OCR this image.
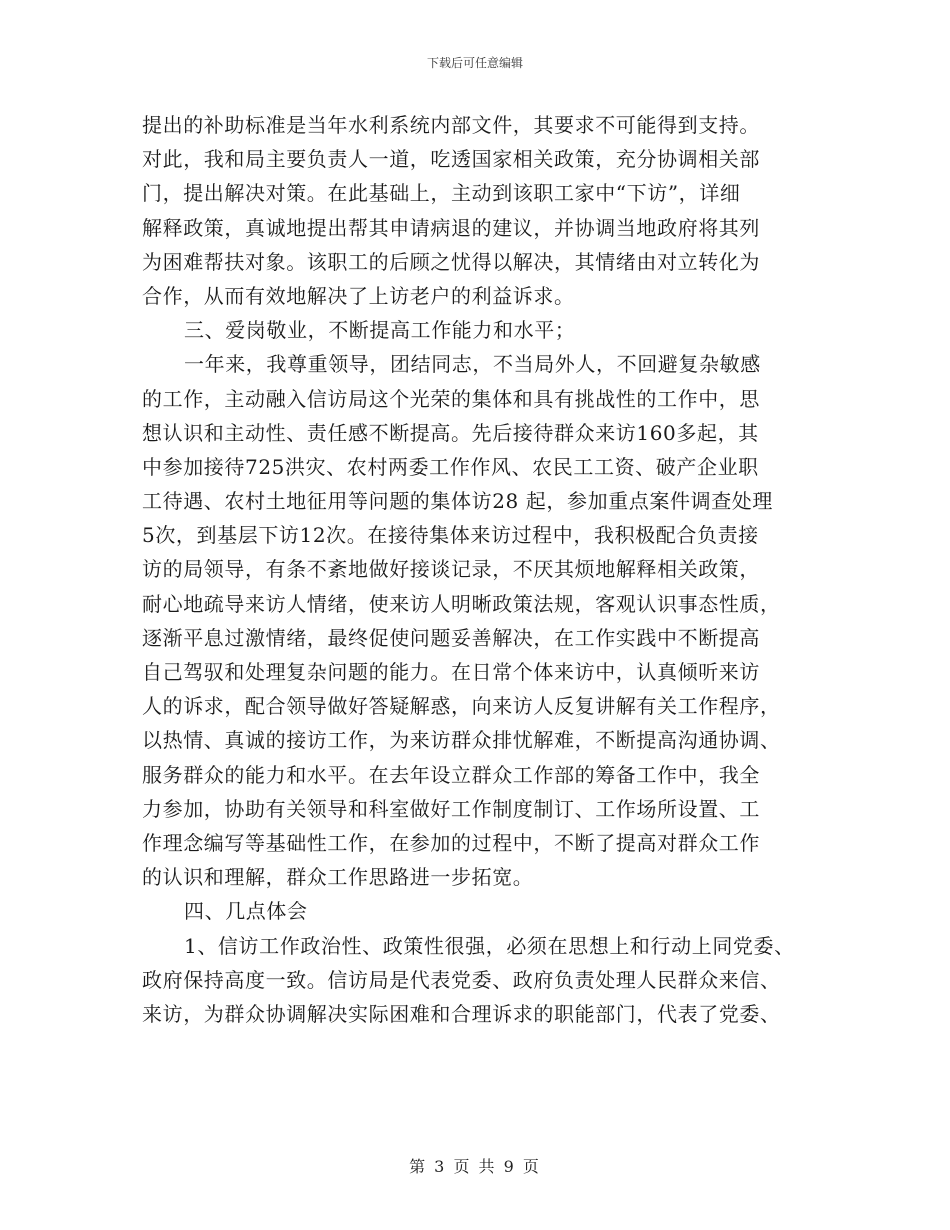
下载后可任意编辑
提出的补助标准是当年水利系统内部文件，其要求不可能得到支持。
对此，我和局主要负责人一道，吃透国家相关政策，充分协调相关部
门，提出解决对策。在此基础上，主动到该职工家中“下访”，详细
解释政策，真诚地提出帮其申请病退的建议，并协调当地政府将其列
为困难帮扶对象。该职工的后顾之忧得以解决，其情绪由对立转化为
合作，从而有效地解决了上访老户的利益诉求。
三、爱岗敬业，不断提高工作能力和水平；
一年来，我尊重领导，团结同志，不当局外人，不回避复杂敏感
的工作，主动融入信访局这个光荣的集体和具有挑战性的工作中，思
想认识和主动性、责任感不断提高。先后接待群众来访160多起，其
中参加接待725洪灾、农村两委工作作风、农民工工资、破产企业职
工待遇、农村土地征用等问题的集体访28 起，参加重点案件调查处理
5次，到基层下访12次。在接待集体来访过程中，我积极配合负责接
访的局领导，有条不紊地做好接谈记录，不厌其烦地解释相关政策，
耐心地疏导来访人情绪，使来访人明晰政策法规，客观认识事态性质，
逐渐平息过激情绪，最终促使问题妥善解决，在工作实践中不断提高
自己驾驭和处理复杂问题的能力。在日常个体来访中，认真倾听来访
人的诉求，配合领导做好答疑解惑，向来访人反复讲解有关工作程序，
以热情、真诚的接访工作，为来访群众排忧解难，不断提高沟通协调、
服务群众的能力和水平。在去年设立群众工作部的筹备工作中，我全
力参加，协助有关领导和科室做好工作制度制订、工作场所设置、工
作理念编写等基础性工作，在参加的过程中，不断了提高对群众工作
的认识和理解，群众工作思路进一步拓宽。
四、几点体会
1、信访工作政治性、政策性很强，必须在思想上和行动上同党委、
政府保持高度一致。信访局是代表党委、政府负责处理人民群众来信、
来访，为群众协调解决实际困难和合理诉求的职能部门，代表了党委、
第 3 页 共 9 页
